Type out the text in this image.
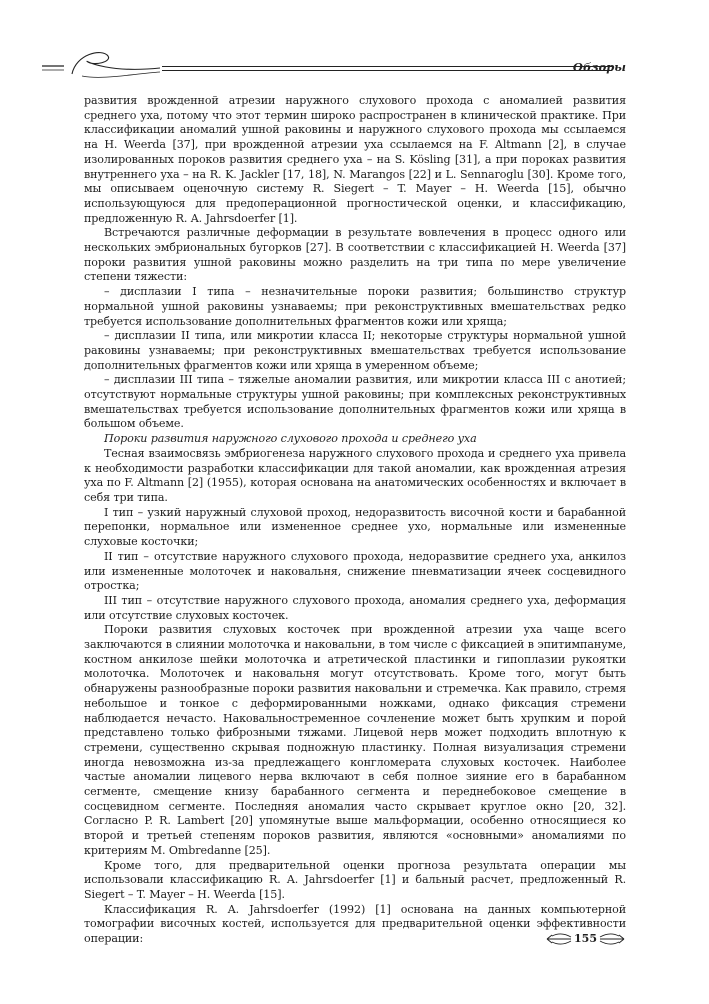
Обзоры

развития врожденной атрезии наружного слухового прохода с аномалией развития среднего уха, потому что этот термин широко распространен в клинической практике. При классификации аномалий ушной раковины и наружного слухового прохода мы ссылаемся на H. Weerda [37], при врожденной атрезии уха ссылаемся на F. Altmann [2], в случае изолированных пороков развития среднего уха – на S. Kösling [31], а при пороках развития внутреннего уха – на R. K. Jackler [17, 18], N. Marangos [22] и L. Sennaroglu [30]. Кроме того, мы описываем оценочную систему R. Siegert – T. Mayer – H. Weerda [15], обычно использующуюся для предоперационной прогностической оценки, и классификацию, предложенную R. A. Jahrsdoerfer [1].

Встречаются различные деформации в результате вовлечения в процесс одного или нескольких эмбриональных бугорков [27]. В соответствии с классификацией H. Weerda [37] пороки развития ушной раковины можно разделить на три типа по мере увеличение степени тяжести:

– дисплазии I типа – незначительные пороки развития; большинство структур нормальной ушной раковины узнаваемы; при реконструктивных вмешательствах редко требуется использование дополнительных фрагментов кожи или хряща;

– дисплазии II типа, или микротии класса II; некоторые структуры нормальной ушной раковины узнаваемы; при реконструктивных вмешательствах требуется использование дополнительных фрагментов кожи или хряща в умеренном объеме;

– дисплазии III типа – тяжелые аномалии развития, или микротии класса III с анотией; отсутствуют нормальные структуры ушной раковины; при комплексных реконструктивных вмешательствах требуется использование дополнительных фрагментов кожи или хряща в большом объеме.

Пороки развития наружного слухового прохода и среднего уха

Тесная взаимосвязь эмбриогенеза наружного слухового прохода и среднего уха привела к необходимости разработки классификации для такой аномалии, как врожденная атрезия уха по F. Altmann [2] (1955), которая основана на анатомических особенностях и включает в себя три типа.

I тип – узкий наружный слуховой проход, недоразвитость височной кости и барабанной перепонки, нормальное или измененное среднее ухо, нормальные или измененные слуховые косточки;

II тип – отсутствие наружного слухового прохода, недоразвитие среднего уха, анкилоз или измененные молоточек и наковальня, снижение пневматизации ячеек сосцевидного отростка;

III тип – отсутствие наружного слухового прохода, аномалия среднего уха, деформация или отсутствие слуховых косточек.

Пороки развития слуховых косточек при врожденной атрезии уха чаще всего заключаются в слиянии молоточка и наковальни, в том числе с фиксацией в эпитимпануме, костном анкилозе шейки молоточка и атретической пластинки и гипоплазии рукоятки молоточка. Молоточек и наковальня могут отсутствовать. Кроме того, могут быть обнаружены разнообразные пороки развития наковальни и стремечка. Как правило, стремя небольшое и тонкое с деформированными ножками, однако фиксация стремени наблюдается нечасто. Наковальностременное сочленение может быть хрупким и порой представлено только фиброзными тяжами. Лицевой нерв может подходить вплотную к стремени, существенно скрывая подножную пластинку. Полная визуализация стремени иногда невозможна из-за предлежащего конгломерата слуховых косточек. Наиболее частые аномалии лицевого нерва включают в себя полное зияние его в барабанном сегменте, смещение книзу барабанного сегмента и переднебоковое смещение в сосцевидном сегменте. Последняя аномалия часто скрывает круглое окно [20, 32]. Согласно P. R. Lambert [20] упомянутые выше мальформации, особенно относящиеся ко второй и третьей степеням пороков развития, являются «основными» аномалиями по критериям M. Ombredanne [25].

Кроме того, для предварительной оценки прогноза результата операции мы использовали классификацию R. A. Jahrsdoerfer [1] и бальный расчет, предложенный R. Siegert – T. Mayer – H. Weerda [15].

Классификация R. A. Jahrsdoerfer (1992) [1] основана на данных компьютерной томографии височных костей, используется для предварительной оценки эффективности операции:	155
